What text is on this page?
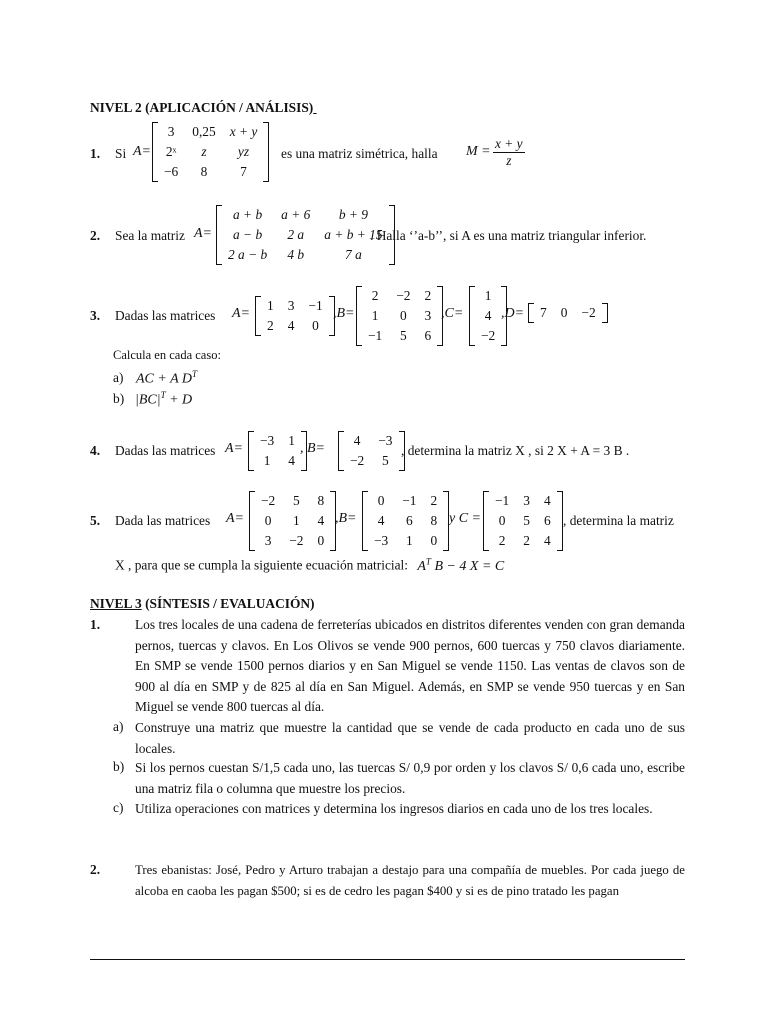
NIVEL 2 (APLICACIÓN / ANÁLISIS)
1. Si A=
3	0,25	x + y
2ˣ	z	yz
−6	8	7
es una matriz simétrica, halla $M = \frac{x + y}{z}$
2. Sea la matriz A=
a + b	a + 6	b + 9
a − b	2 a	a + b + 15
2 a − b	4 b	7 a
. Halla ‘’a-b’’, si A es una matriz triangular inferior.
3. Dadas las matrices A=
1	3	−1
2	4	0
,B=
2	−2	2
1	0	3
−1	5	6
,C=
1
4
−2
,D= 7	0	−2
Calcula en cada caso:
a) AC + A $D^T$
b) $|BC|^T + D$
4. Dadas las matrices A=
−3	1
1	4
, B=
4	−3
−2	5
, determina la matriz X , si 2 X + A = 3 B .
5. Dada las matrices A=
−2	5	8
0	1	4
3	−2	0
,B=
0	−1	2
4	6	8
−3	1	0
y C =
−1	3	4
0	5	6
2	2	4
, determina la matriz
X , para que se cumpla la siguiente ecuación matricial: $A^T$ B − 4 X = C
NIVEL 3 (SÍNTESIS / EVALUACIÓN)
1.	Los tres locales de una cadena de ferreterías ubicados en distritos diferentes venden con gran demanda pernos, tuercas y clavos. En Los Olivos se vende 900 pernos, 600 tuercas y 750 clavos diariamente. En SMP se vende 1500 pernos diarios y en San Miguel se vende 1150. Las ventas de clavos son de 900 al día en SMP y de 825 al día en San Miguel. Además, en SMP se vende 950 tuercas y en San Miguel se vende 800 tuercas al día.
a) Construye una matriz que muestre la cantidad que se vende de cada producto en cada uno de sus locales.
b) Si los pernos cuestan S/1,5 cada uno, las tuercas S/ 0,9 por orden y los clavos S/ 0,6 cada uno, escribe una matriz fila o columna que muestre los precios.
c) Utiliza operaciones con matrices y determina los ingresos diarios en cada uno de los tres locales.
2.	Tres ebanistas: José, Pedro y Arturo trabajan a destajo para una compañía de muebles. Por cada juego de alcoba en caoba les pagan $500; si es de cedro les pagan $400 y si es de pino tratado les pagan
